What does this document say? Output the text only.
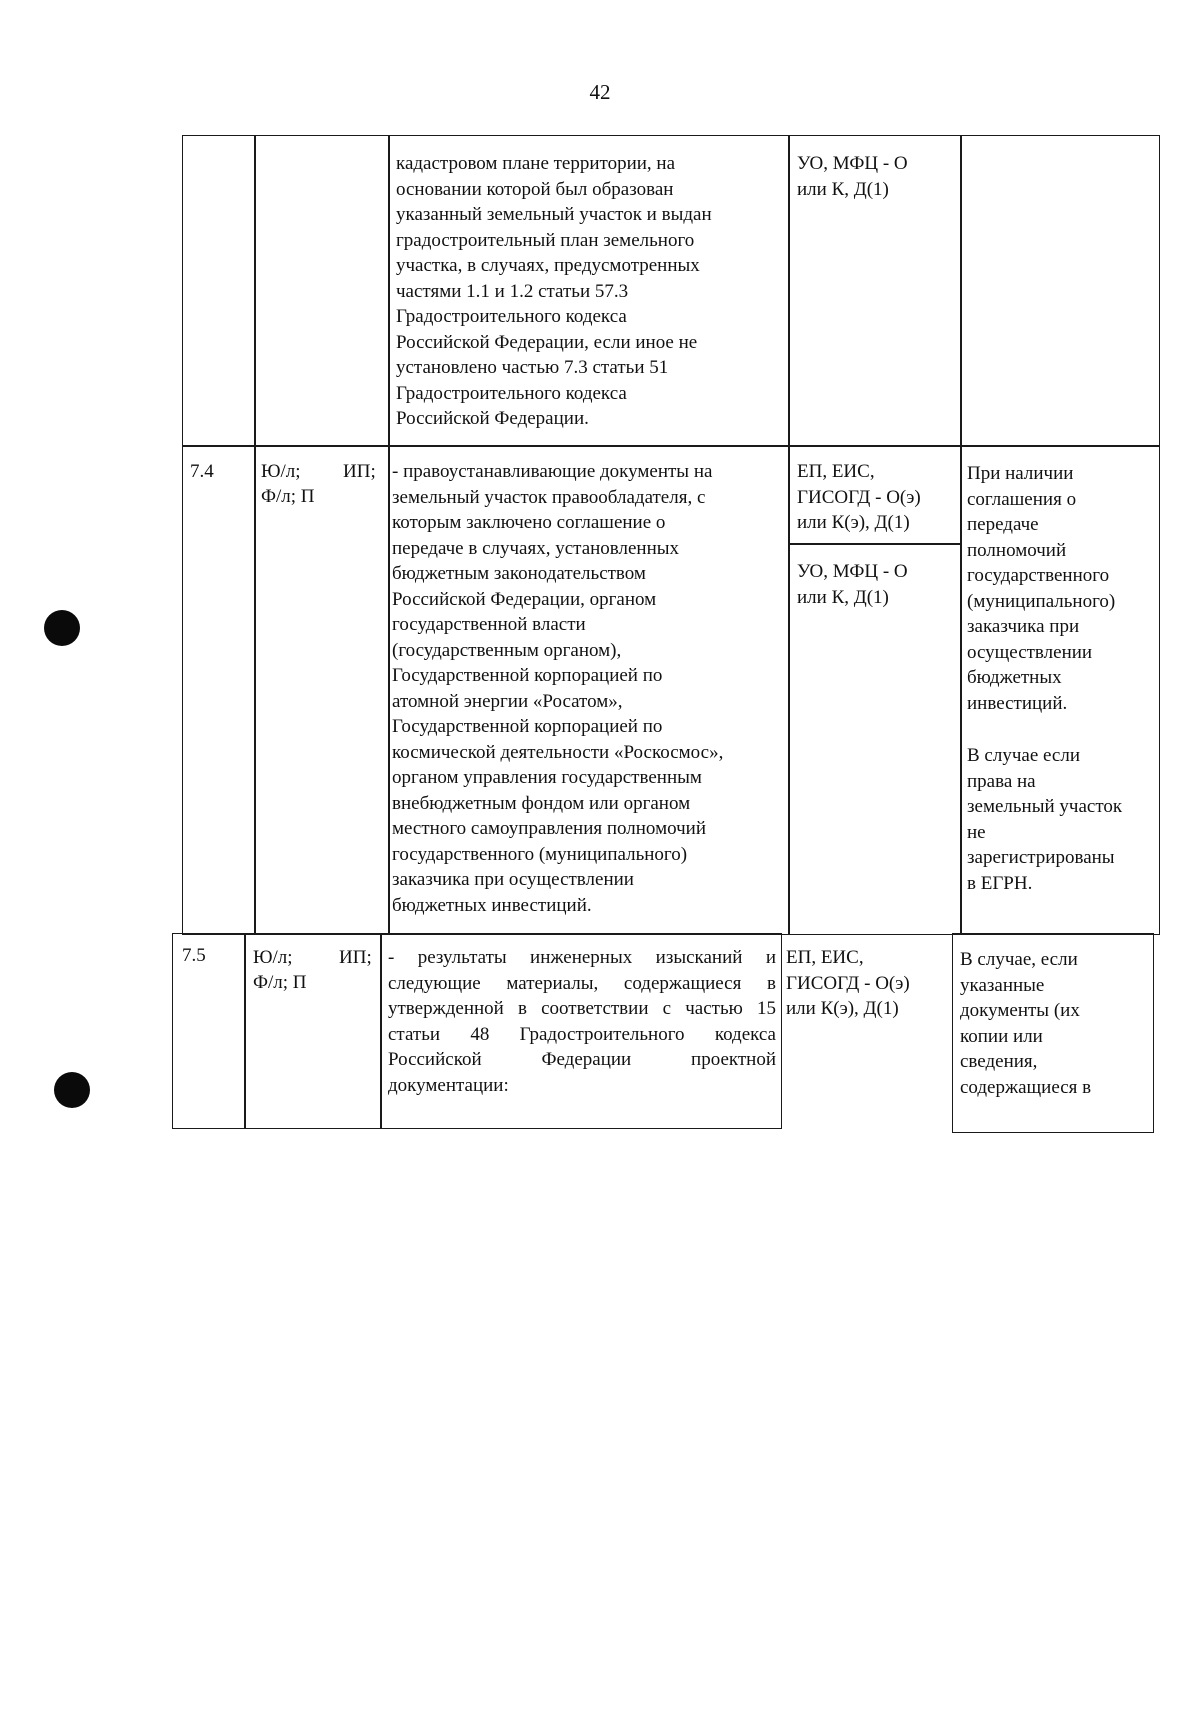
42
кадастровом плане территории, на
основании которой был образован
указанный земельный участок и выдан
градостроительный план земельного
участка, в случаях, предусмотренных
частями 1.1 и 1.2 статьи 57.3
Градостроительного кодекса
Российской Федерации, если иное не
установлено частью 7.3 статьи 51
Градостроительного кодекса
Российской Федерации.
УО, МФЦ - О
или К, Д(1)
7.4 Ю/л; ИП;
Ф/л; П
- правоустанавливающие документы на
земельный участок правообладателя, с
которым заключено соглашение о
передаче в случаях, установленных
бюджетным законодательством
Российской Федерации, органом
государственной власти
(государственным органом),
Государственной корпорацией по
атомной энергии «Росатом»,
Государственной корпорацией по
космической деятельности «Роскосмос»,
органом управления государственным
внебюджетным фондом или органом
местного самоуправления полномочий
государственного (муниципального)
заказчика при осуществлении
бюджетных инвестиций.
ЕП, ЕИС,
ГИСОГД - О(э)
или К(э), Д(1)
УО, МФЦ - О
или К, Д(1)
При наличии
соглашения о
передаче
полномочий
государственного
(муниципального)
заказчика при
осуществлении
бюджетных
инвестиций.
В случае если
права на
земельный участок
не
зарегистрированы
в ЕГРН.
7.5 Ю/л; ИП;
Ф/л; П
- результаты инженерных изысканий и следующие материалы, содержащиеся в утвержденной в соответствии с частью 15 статьи 48 Градостроительного кодекса Российской Федерации проектной документации:
ЕП, ЕИС,
ГИСОГД - О(э)
или К(э), Д(1)
В случае, если
указанные
документы (их
копии или
сведения,
содержащиеся в
